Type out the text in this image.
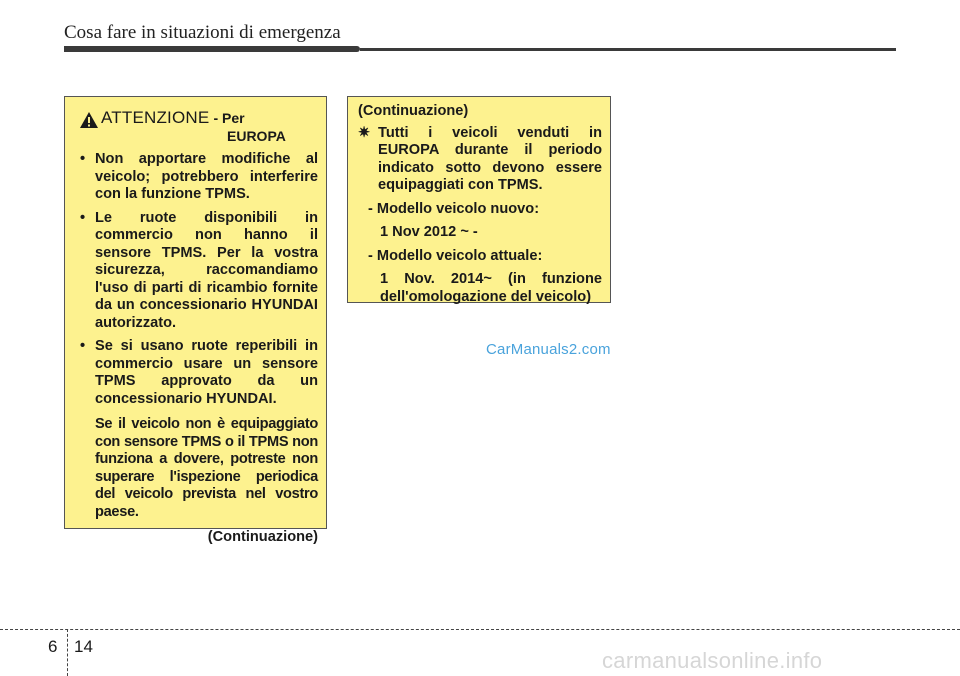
Cosa fare in situazioni di emergenza
ATTENZIONE - Per
EUROPA
• Non apportare modifiche al veicolo; potrebbero interferire con la funzione TPMS.
• Le ruote disponibili in commercio non hanno il sensore TPMS. Per la vostra sicurezza, raccomandiamo l'uso di parti di ricambio fornite da un concessionario HYUNDAI autorizzato.
• Se si usano ruote reperibili in commercio usare un sensore TPMS approvato da un concessionario HYUNDAI.
Se il veicolo non è equipaggiato con sensore TPMS o il TPMS non funziona a dovere, potreste non superare l'ispezione periodica del veicolo prevista nel vostro paese.
(Continuazione)
(Continuazione)
✷ Tutti i veicoli venduti in EUROPA durante il periodo indicato sotto devono essere equipaggiati con TPMS.
- Modello veicolo nuovo:
1 Nov 2012 ~ -
- Modello veicolo attuale:
1 Nov. 2014~ (in funzione dell'omologazione del veicolo)
CarManuals2.com
6 14
carmanualsonline.info
